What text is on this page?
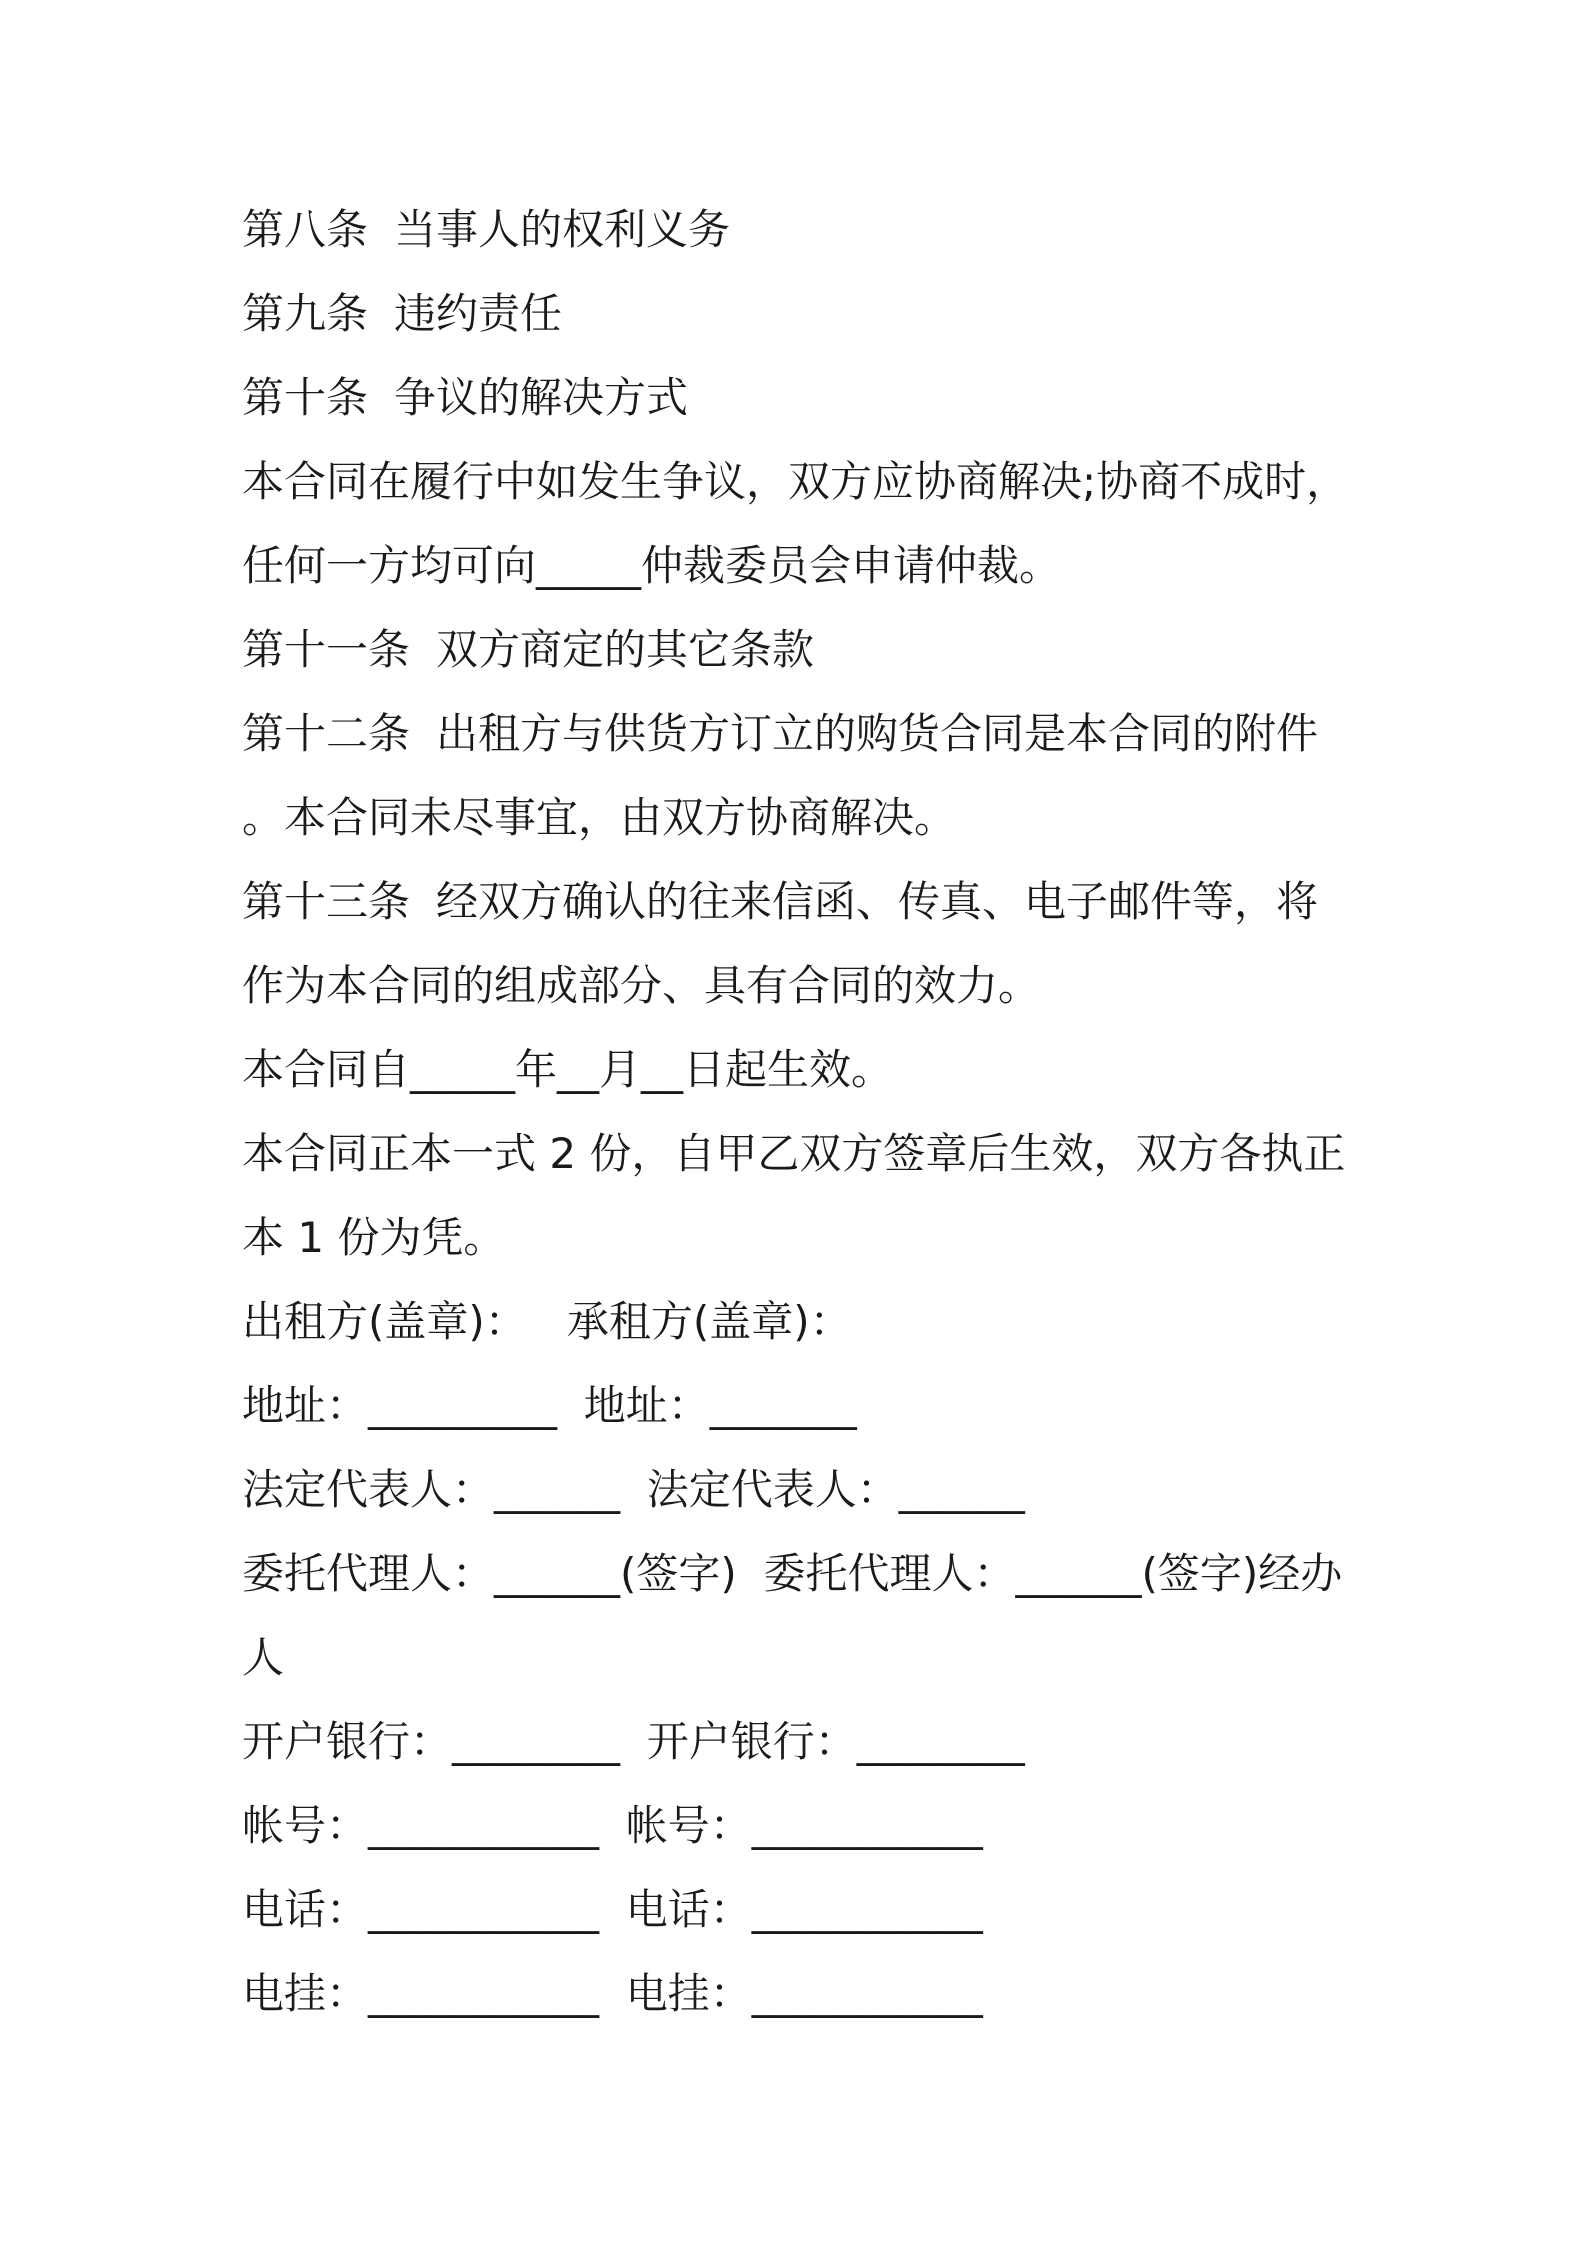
第八条 当事人的权利义务
第九条 违约责任
第十条 争议的解决方式
本合同在履行中如发生争议，双方应协商解决;协商不成时，
任何一方均可向_____仲裁委员会申请仲裁。
第十一条 双方商定的其它条款
第十二条 出租方与供货方订立的购货合同是本合同的附件
。本合同未尽事宜，由双方协商解决。
第十三条 经双方确认的往来信函、传真、电子邮件等，将
作为本合同的组成部分、具有合同的效力。
本合同自_____年__月__日起生效。
本合同正本一式 2 份，自甲乙双方签章后生效，双方各执正
本 1 份为凭。
出租方(盖章)：   承租方(盖章)：
地址：_________  地址：_______
法定代表人：______  法定代表人：______
委托代理人：______(签字)  委托代理人：______(签字)经办
人
开户银行：________  开户银行：________
帐号：___________  帐号：___________
电话：___________  电话：___________
电挂：___________  电挂：___________
